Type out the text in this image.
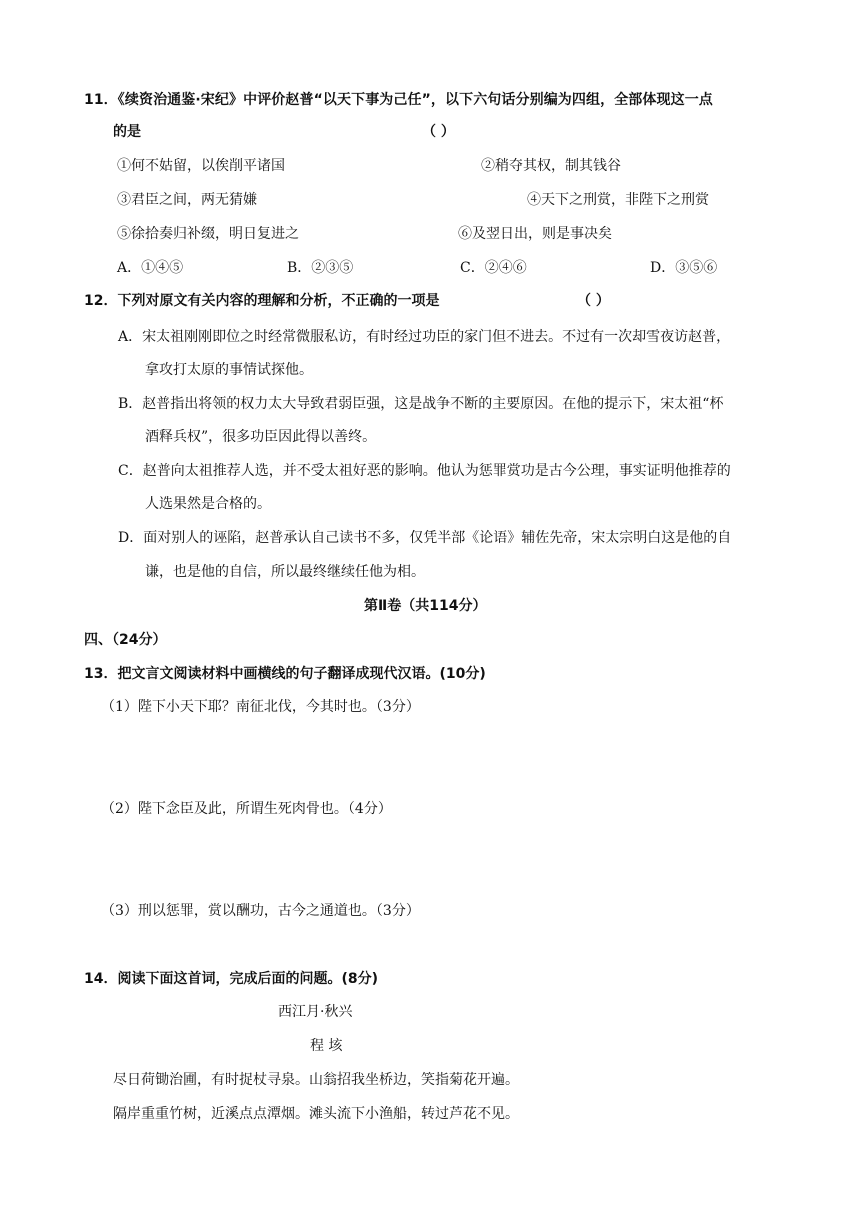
11．《续资治通鉴·宋纪》中评价赵普“以天下事为己任”，以下六句话分别编为四组，全部体现这一点
的是	（ ）
①何不姑留，以俟削平诸国	②稍夺其权，制其钱谷
③君臣之间，两无猜嫌	④天下之刑赏，非陛下之刑赏
⑤徐拾奏归补缀，明日复进之	⑥及翌日出，则是事决矣
A．①④⑤	B．②③⑤	C．②④⑥	D．③⑤⑥
12．下列对原文有关内容的理解和分析，不正确的一项是	（ ）
A．宋太祖刚刚即位之时经常微服私访，有时经过功臣的家门但不进去。不过有一次却雪夜访赵普，
拿攻打太原的事情试探他。
B．赵普指出将领的权力太大导致君弱臣强，这是战争不断的主要原因。在他的提示下，宋太祖“杯
酒释兵权”，很多功臣因此得以善终。
C．赵普向太祖推荐人选，并不受太祖好恶的影响。他认为惩罪赏功是古今公理，事实证明他推荐的
人选果然是合格的。
D．面对别人的诬陷，赵普承认自己读书不多，仅凭半部《论语》辅佐先帝，宋太宗明白这是他的自
谦，也是他的自信，所以最终继续任他为相。
第Ⅱ卷（共114分）
四、（24分）
13．把文言文阅读材料中画横线的句子翻译成现代汉语。(10分)
（1）陛下小天下耶？南征北伐，今其时也。（3分）
（2）陛下念臣及此，所谓生死肉骨也。（4分）
（3）刑以惩罪，赏以酬功，古今之通道也。（3分）
14．阅读下面这首词，完成后面的问题。(8分)
西江月·秋兴
程 垓
尽日荷锄治圃，有时捉杖寻泉。山翁招我坐桥边，笑指菊花开遍。
隔岸重重竹树，近溪点点潭烟。滩头流下小渔船，转过芦花不见。
